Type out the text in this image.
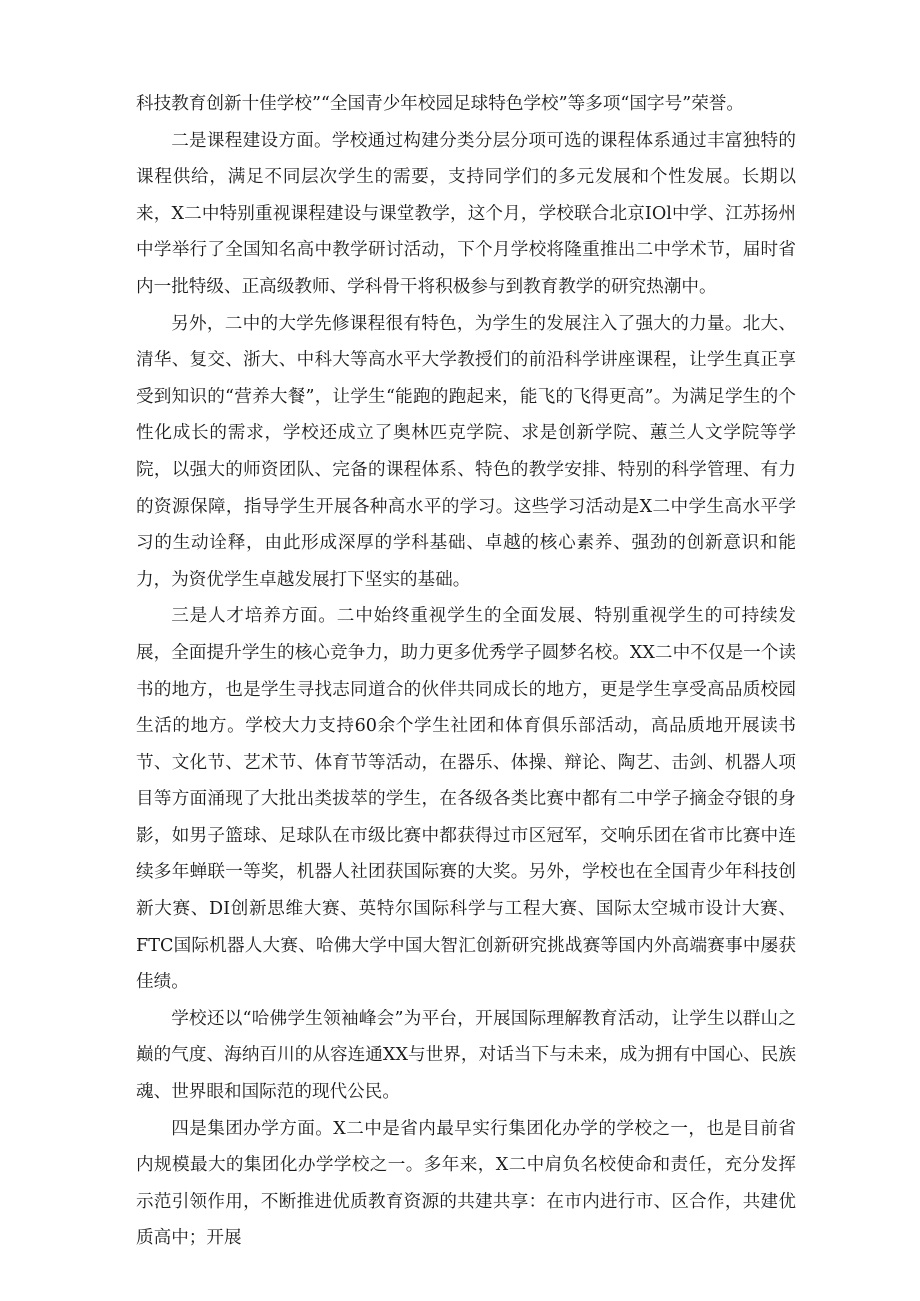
科技教育创新十佳学校”“全国青少年校园足球特色学校”等多项“国字号”荣誉。

二是课程建设方面。学校通过构建分类分层分项可选的课程体系通过丰富独特的课程供给，满足不同层次学生的需要，支持同学们的多元发展和个性发展。长期以来，X二中特别重视课程建设与课堂教学，这个月，学校联合北京IOl中学、江苏扬州中学举行了全国知名高中教学研讨活动，下个月学校将隆重推出二中学术节，届时省内一批特级、正高级教师、学科骨干将积极参与到教育教学的研究热潮中。

另外，二中的大学先修课程很有特色，为学生的发展注入了强大的力量。北大、清华、复交、浙大、中科大等高水平大学教授们的前沿科学讲座课程，让学生真正享受到知识的“营养大餐”，让学生“能跑的跑起来，能飞的飞得更高”。为满足学生的个性化成长的需求，学校还成立了奥林匹克学院、求是创新学院、蕙兰人文学院等学院，以强大的师资团队、完备的课程体系、特色的教学安排、特别的科学管理、有力的资源保障，指导学生开展各种高水平的学习。这些学习活动是X二中学生高水平学习的生动诠释，由此形成深厚的学科基础、卓越的核心素养、强劲的创新意识和能力，为资优学生卓越发展打下坚实的基础。

三是人才培养方面。二中始终重视学生的全面发展、特别重视学生的可持续发展，全面提升学生的核心竞争力，助力更多优秀学子圆梦名校。XX二中不仅是一个读书的地方，也是学生寻找志同道合的伙伴共同成长的地方，更是学生享受高品质校园生活的地方。学校大力支持60余个学生社团和体育俱乐部活动，高品质地开展读书节、文化节、艺术节、体育节等活动，在器乐、体操、辩论、陶艺、击剑、机器人项目等方面涌现了大批出类拔萃的学生，在各级各类比赛中都有二中学子摘金夺银的身影，如男子篮球、足球队在市级比赛中都获得过市区冠军，交响乐团在省市比赛中连续多年蝉联一等奖，机器人社团获国际赛的大奖。另外，学校也在全国青少年科技创新大赛、DI创新思维大赛、英特尔国际科学与工程大赛、国际太空城市设计大赛、FTC国际机器人大赛、哈佛大学中国大智汇创新研究挑战赛等国内外高端赛事中屡获佳绩。

学校还以“哈佛学生领袖峰会”为平台，开展国际理解教育活动，让学生以群山之巅的气度、海纳百川的从容连通XX与世界，对话当下与未来，成为拥有中国心、民族魂、世界眼和国际范的现代公民。

四是集团办学方面。X二中是省内最早实行集团化办学的学校之一，也是目前省内规模最大的集团化办学学校之一。多年来，X二中肩负名校使命和责任，充分发挥示范引领作用，不断推进优质教育资源的共建共享：在市内进行市、区合作，共建优质高中；开展
